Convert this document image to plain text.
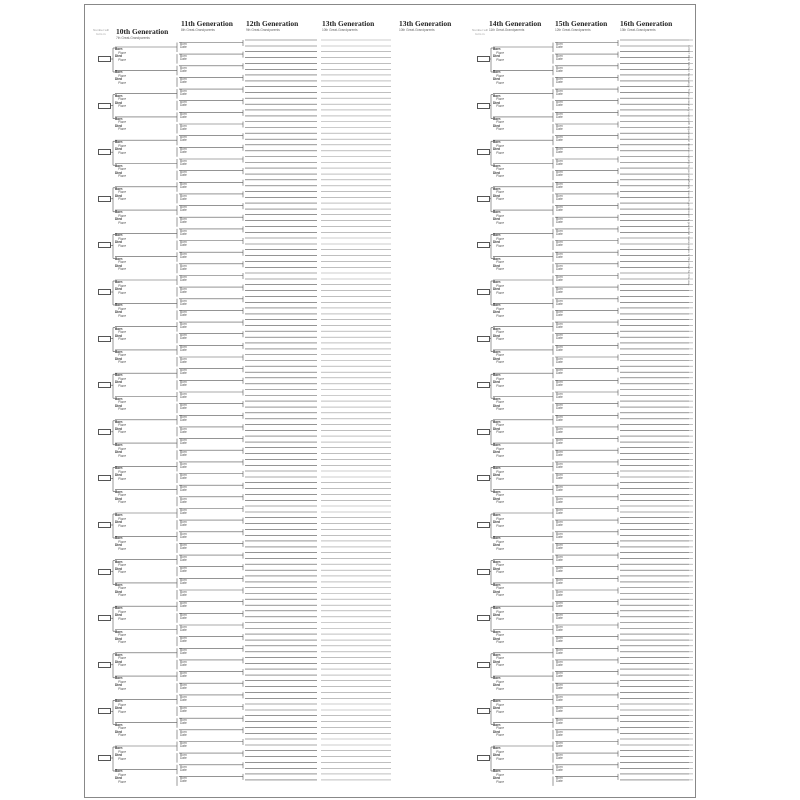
10th Generation
7th Great-Grandparents
11th Generation
8th Great-Grandparents
12th Generation
9th Great-Grandparents
13th Generation
10th Great-Grandparents
13th Generation
10th Great-Grandparents
14th Generation
11th Great-Grandparents
15th Generation
12th Great-Grandparents
16th Generation
13th Great-Grandparents
Number will form in
Number will form in
©2017 Ohio Kitchen Genealogy. To the extent any non-profit organization desires copying for personal/family research, permission is granted to make copies of this chart for this use.
Born
Place
Died
Place
Born
Date
Born
Date
Born
Place
Died
Place
Born
Date
Born
Date
Born
Place
Died
Place
Born
Date
Born
Date
Born
Place
Died
Place
Born
Date
Born
Date
Born
Place
Died
Place
Born
Date
Born
Date
Born
Place
Died
Place
Born
Date
Born
Date
Born
Place
Died
Place
Born
Date
Born
Date
Born
Place
Died
Place
Born
Date
Born
Date
Born
Place
Died
Place
Born
Date
Born
Date
Born
Place
Died
Place
Born
Date
Born
Date
Born
Place
Died
Place
Born
Date
Born
Date
Born
Place
Died
Place
Born
Date
Born
Date
Born
Place
Died
Place
Born
Date
Born
Date
Born
Place
Died
Place
Born
Date
Born
Date
Born
Place
Died
Place
Born
Date
Born
Date
Born
Place
Died
Place
Born
Date
Born
Date
Born
Place
Died
Place
Born
Date
Born
Date
Born
Place
Died
Place
Born
Date
Born
Date
Born
Place
Died
Place
Born
Date
Born
Date
Born
Place
Died
Place
Born
Date
Born
Date
Born
Place
Died
Place
Born
Date
Born
Date
Born
Place
Died
Place
Born
Date
Born
Date
Born
Place
Died
Place
Born
Date
Born
Date
Born
Place
Died
Place
Born
Date
Born
Date
Born
Place
Died
Place
Born
Date
Born
Date
Born
Place
Died
Place
Born
Date
Born
Date
Born
Place
Died
Place
Born
Date
Born
Date
Born
Place
Died
Place
Born
Date
Born
Date
Born
Place
Died
Place
Born
Date
Born
Date
Born
Place
Died
Place
Born
Date
Born
Date
Born
Place
Died
Place
Born
Date
Born
Date
Born
Place
Died
Place
Born
Date
Born
Date
Born
Place
Died
Place
Born
Date
Born
Date
Born
Place
Died
Place
Born
Date
Born
Date
Born
Place
Died
Place
Born
Date
Born
Date
Born
Place
Died
Place
Born
Date
Born
Date
Born
Place
Died
Place
Born
Date
Born
Date
Born
Place
Died
Place
Born
Date
Born
Date
Born
Place
Died
Place
Born
Date
Born
Date
Born
Place
Died
Place
Born
Date
Born
Date
Born
Place
Died
Place
Born
Date
Born
Date
Born
Place
Died
Place
Born
Date
Born
Date
Born
Place
Died
Place
Born
Date
Born
Date
Born
Place
Died
Place
Born
Date
Born
Date
Born
Place
Died
Place
Born
Date
Born
Date
Born
Place
Died
Place
Born
Date
Born
Date
Born
Place
Died
Place
Born
Date
Born
Date
Born
Place
Died
Place
Born
Date
Born
Date
Born
Place
Died
Place
Born
Date
Born
Date
Born
Place
Died
Place
Born
Date
Born
Date
Born
Place
Died
Place
Born
Date
Born
Date
Born
Place
Died
Place
Born
Date
Born
Date
Born
Place
Died
Place
Born
Date
Born
Date
Born
Place
Died
Place
Born
Date
Born
Date
Born
Place
Died
Place
Born
Date
Born
Date
Born
Place
Died
Place
Born
Date
Born
Date
Born
Place
Died
Place
Born
Date
Born
Date
Born
Place
Died
Place
Born
Date
Born
Date
Born
Place
Died
Place
Born
Date
Born
Date
Born
Place
Died
Place
Born
Date
Born
Date
Born
Place
Died
Place
Born
Date
Born
Date
Born
Place
Died
Place
Born
Date
Born
Date
Born
Place
Died
Place
Born
Date
Born
Date
Born
Place
Died
Place
Born
Date
Born
Date
